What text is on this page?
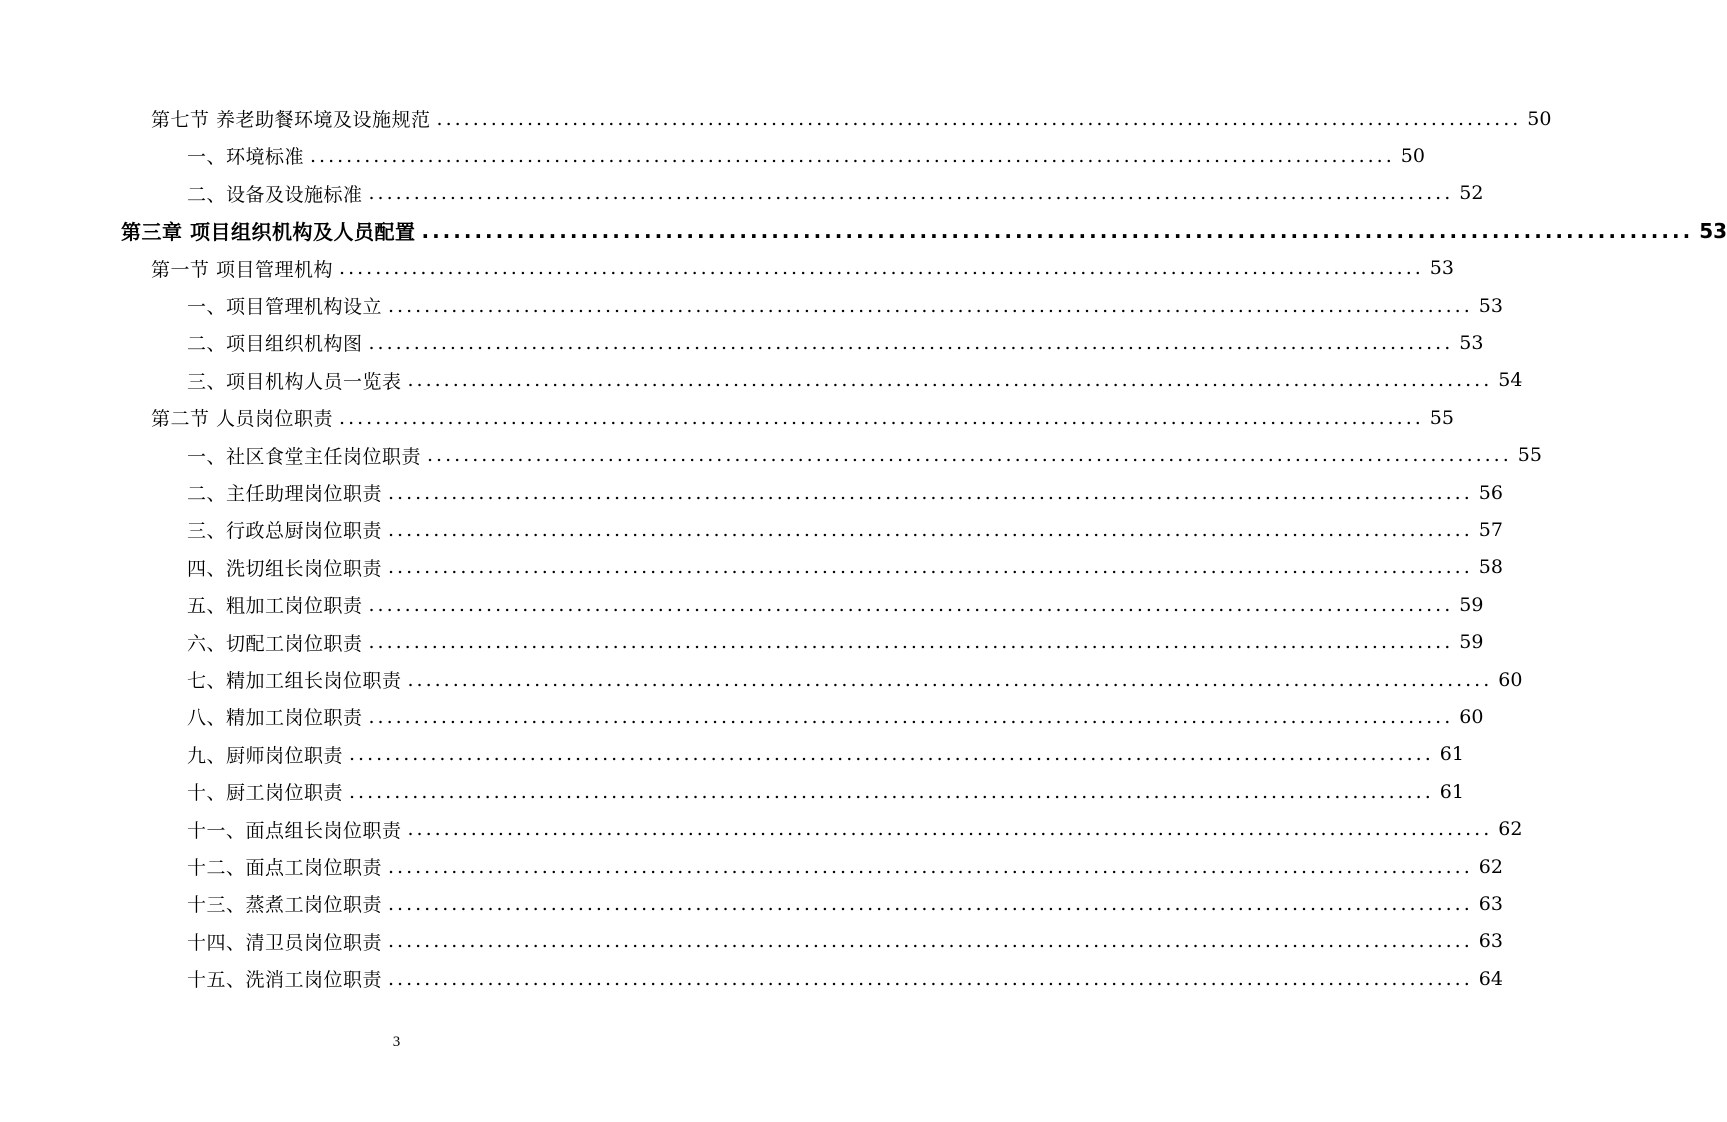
第七节 养老助餐环境及设施规范 ........................................................................................................................ 50
一、环境标准 ........................................................................................................................ 50
二、设备及设施标准 ........................................................................................................................ 52
第三章 项目组织机构及人员配置 ........................................................................................................................ 53
第一节 项目管理机构 ........................................................................................................................ 53
一、项目管理机构设立 ........................................................................................................................ 53
二、项目组织机构图 ........................................................................................................................ 53
三、项目机构人员一览表 ........................................................................................................................ 54
第二节 人员岗位职责 ........................................................................................................................ 55
一、社区食堂主任岗位职责 ........................................................................................................................ 55
二、主任助理岗位职责 ........................................................................................................................ 56
三、行政总厨岗位职责 ........................................................................................................................ 57
四、洗切组长岗位职责 ........................................................................................................................ 58
五、粗加工岗位职责 ........................................................................................................................ 59
六、切配工岗位职责 ........................................................................................................................ 59
七、精加工组长岗位职责 ........................................................................................................................ 60
八、精加工岗位职责 ........................................................................................................................ 60
九、厨师岗位职责 ........................................................................................................................ 61
十、厨工岗位职责 ........................................................................................................................ 61
十一、面点组长岗位职责 ........................................................................................................................ 62
十二、面点工岗位职责 ........................................................................................................................ 62
十三、蒸煮工岗位职责 ........................................................................................................................ 63
十四、清卫员岗位职责 ........................................................................................................................ 63
十五、洗消工岗位职责 ........................................................................................................................ 64
3
